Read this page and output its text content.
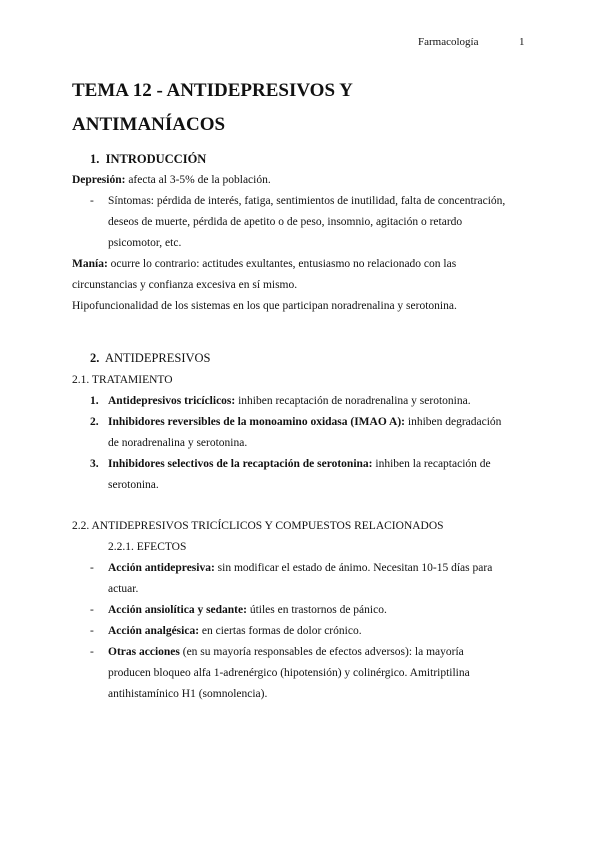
Farmacología	1
TEMA 12 - ANTIDEPRESIVOS Y
ANTIMANÍACOS
1. INTRODUCCIÓN
Depresión: afecta al 3-5% de la población.
- Síntomas: pérdida de interés, fatiga, sentimientos de inutilidad, falta de concentración,
deseos de muerte, pérdida de apetito o de peso, insomnio, agitación o retardo
psicomotor, etc.
Manía: ocurre lo contrario: actitudes exultantes, entusiasmo no relacionado con las
circunstancias y confianza excesiva en sí mismo.
Hipofuncionalidad de los sistemas en los que participan noradrenalina y serotonina.
2. ANTIDEPRESIVOS
2.1. TRATAMIENTO
1. Antidepresivos tricíclicos: inhiben recaptación de noradrenalina y serotonina.
2. Inhibidores reversibles de la monoamino oxidasa (IMAO A): inhiben degradación
de noradrenalina y serotonina.
3. Inhibidores selectivos de la recaptación de serotonina: inhiben la recaptación de
serotonina.
2.2. ANTIDEPRESIVOS TRICÍCLICOS Y COMPUESTOS RELACIONADOS
2.2.1. EFECTOS
- Acción antidepresiva: sin modificar el estado de ánimo. Necesitan 10-15 días para
actuar.
- Acción ansiolítica y sedante: útiles en trastornos de pánico.
- Acción analgésica: en ciertas formas de dolor crónico.
- Otras acciones (en su mayoría responsables de efectos adversos): la mayoría
producen bloqueo alfa 1-adrenérgico (hipotensión) y colinérgico. Amitriptilina
antihistamínico H1 (somnolencia).
